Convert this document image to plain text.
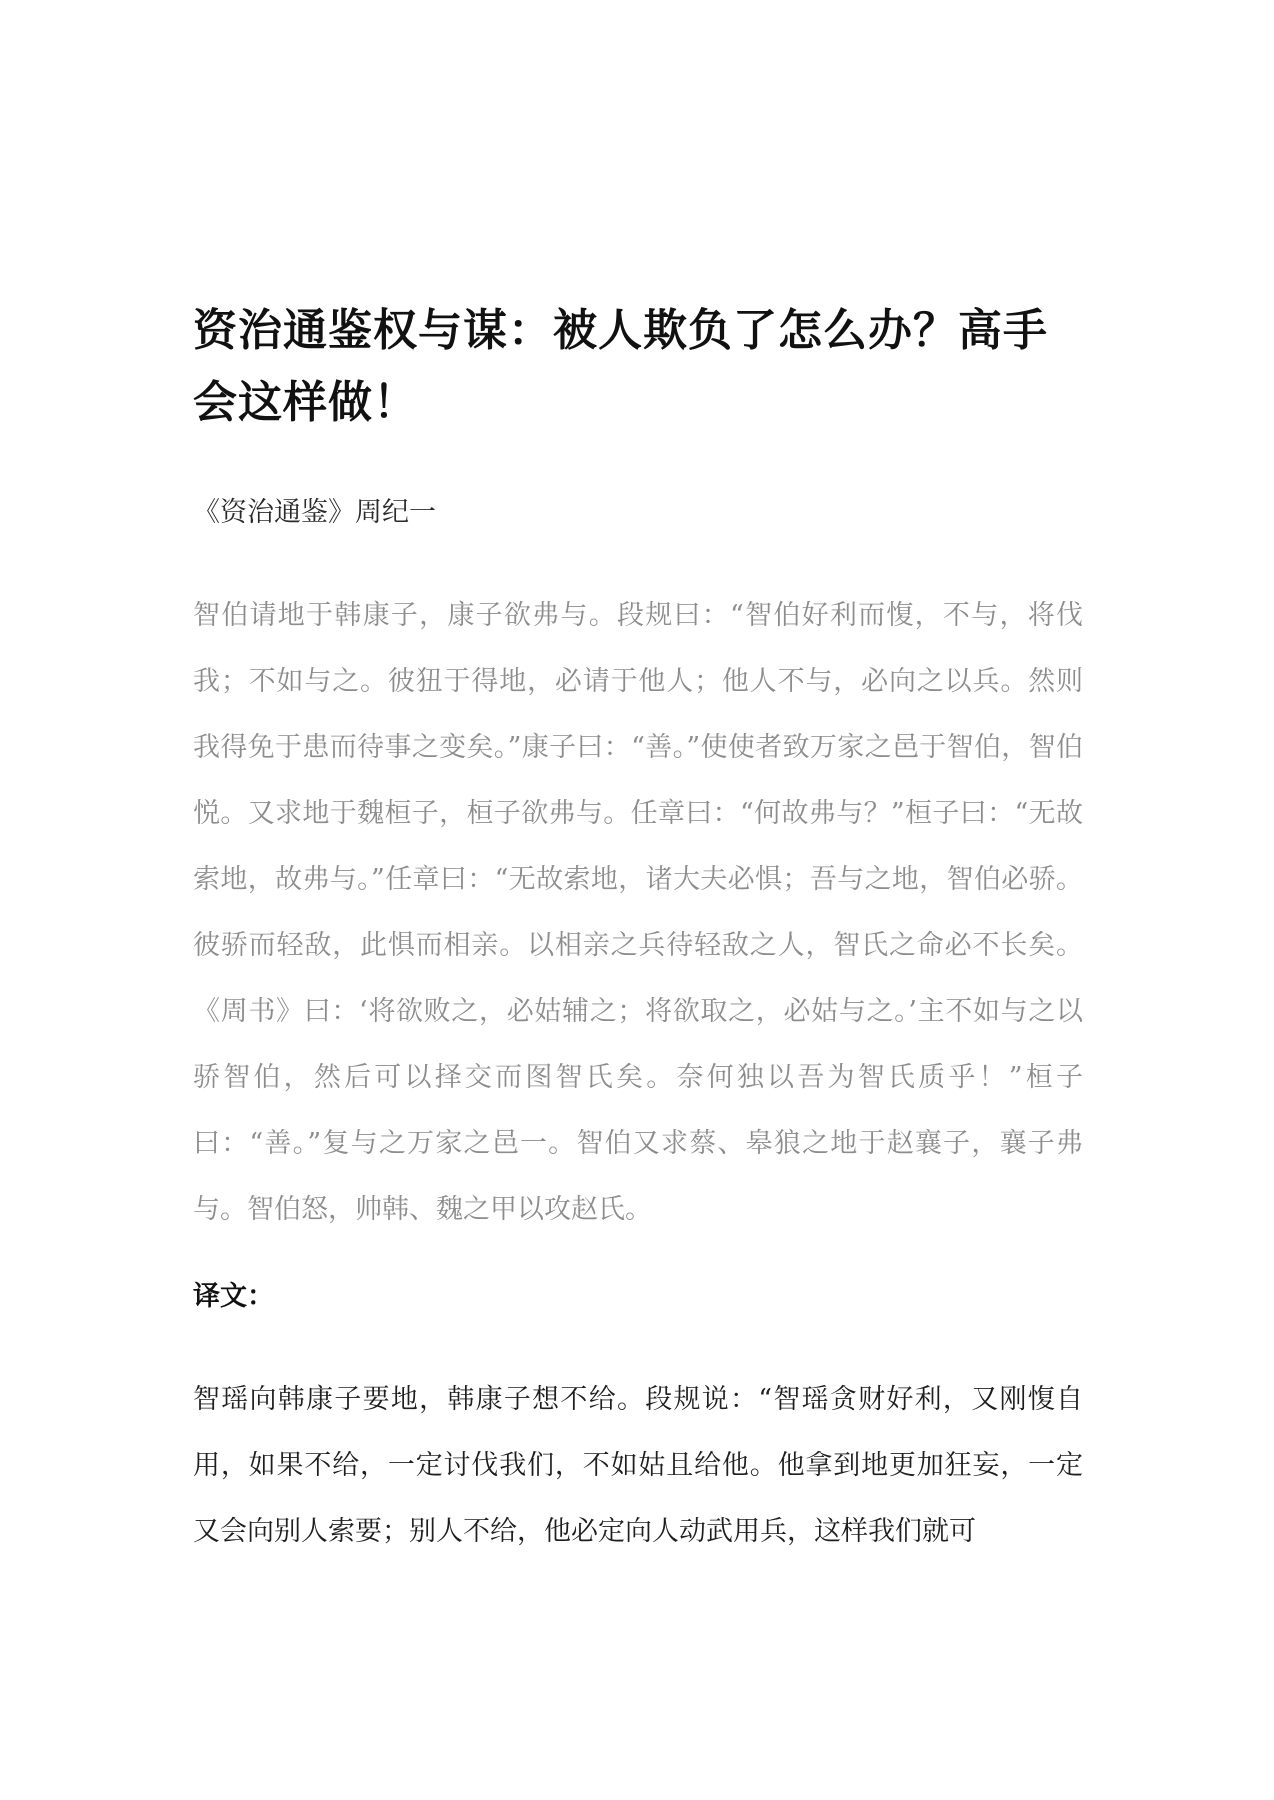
资治通鉴权与谋：被人欺负了怎么办？高手会这样做！

《资治通鉴》周纪一

智伯请地于韩康子，康子欲弗与。段规曰：“智伯好利而愎，不与，将伐我；不如与之。彼狃于得地，必请于他人；他人不与，必向之以兵。然则我得免于患而待事之变矣。”康子曰：“善。”使使者致万家之邑于智伯，智伯悦。又求地于魏桓子，桓子欲弗与。任章曰：“何故弗与？”桓子曰：“无故索地，故弗与。”任章曰：“无故索地，诸大夫必惧；吾与之地，智伯必骄。彼骄而轻敌，此惧而相亲。以相亲之兵待轻敌之人，智氏之命必不长矣。《周书》曰：‘将欲败之，必姑辅之；将欲取之，必姑与之。’主不如与之以骄智伯，然后可以择交而图智氏矣。奈何独以吾为智氏质乎！”桓子曰：“善。”复与之万家之邑一。智伯又求蔡、皋狼之地于赵襄子，襄子弗与。智伯怒，帅韩、魏之甲以攻赵氏。

译文：

智瑶向韩康子要地，韩康子想不给。段规说：“智瑶贪财好利，又刚愎自用，如果不给，一定讨伐我们，不如姑且给他。他拿到地更加狂妄，一定又会向别人索要；别人不给，他必定向人动武用兵，这样我们就可
